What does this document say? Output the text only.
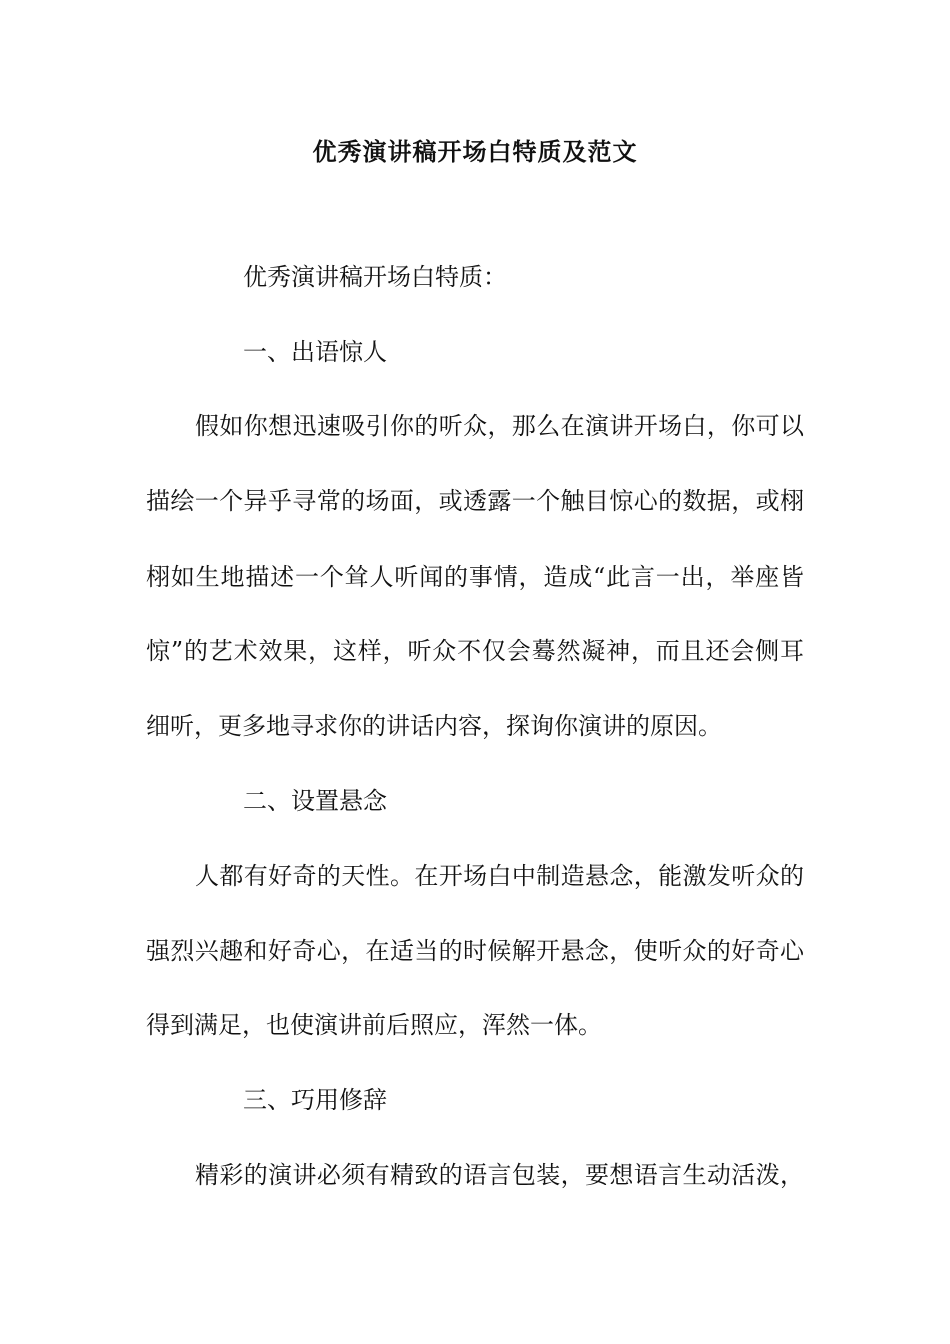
优秀演讲稿开场白特质及范文
优秀演讲稿开场白特质：
一、出语惊人
假如你想迅速吸引你的听众，那么在演讲开场白，你可以
描绘一个异乎寻常的场面，或透露一个触目惊心的数据，或栩
栩如生地描述一个耸人听闻的事情，造成“此言一出，举座皆
惊”的艺术效果，这样，听众不仅会蓦然凝神，而且还会侧耳
细听，更多地寻求你的讲话内容，探询你演讲的原因。
二、设置悬念
人都有好奇的天性。在开场白中制造悬念，能激发听众的
强烈兴趣和好奇心，在适当的时候解开悬念，使听众的好奇心
得到满足，也使演讲前后照应，浑然一体。
三、巧用修辞
精彩的演讲必须有精致的语言包装，要想语言生动活泼，
